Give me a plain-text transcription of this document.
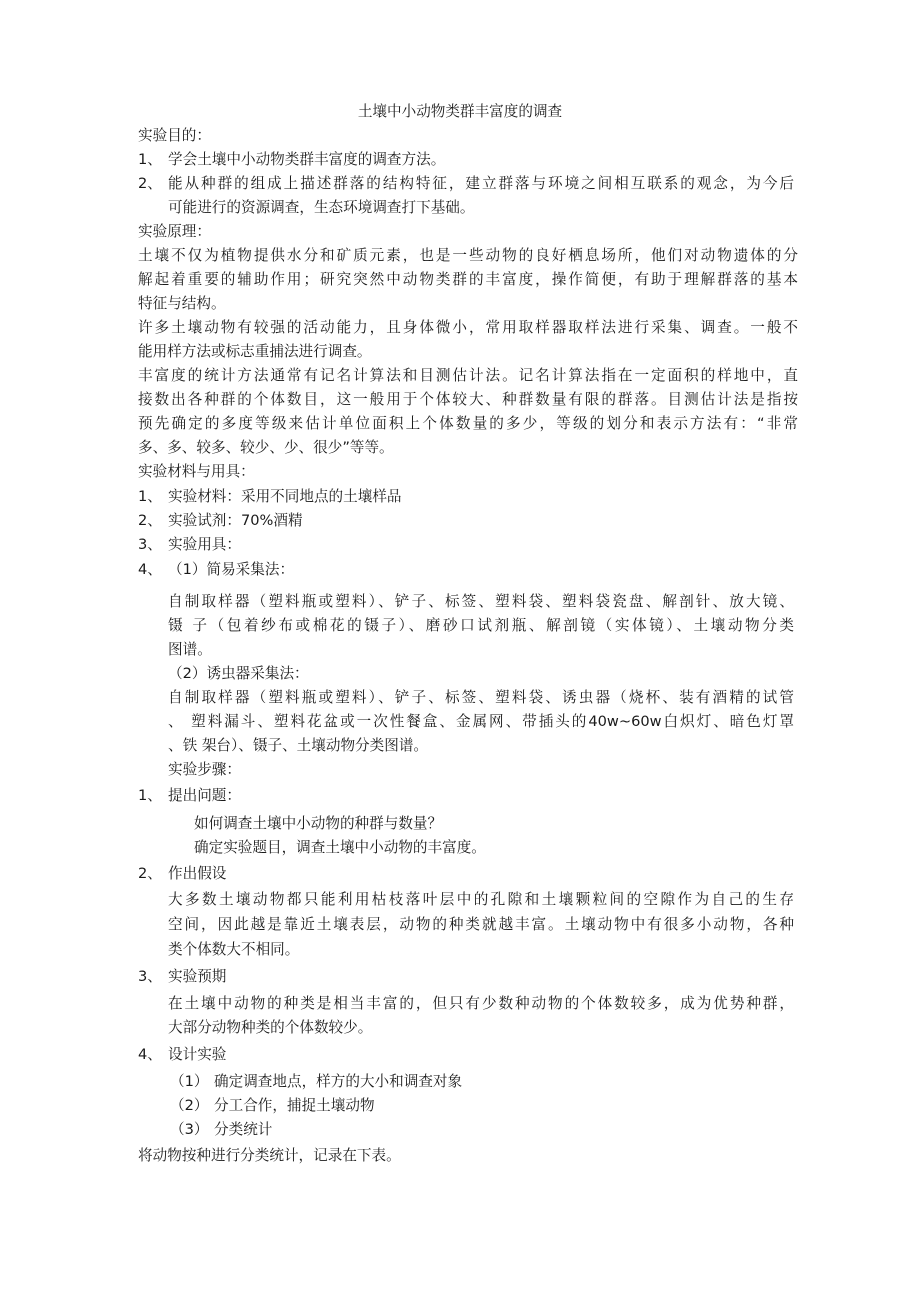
土壤中小动物类群丰富度的调查
实验目的：
1、 学会土壤中小动物类群丰富度的调查方法。
2、 能从种群的组成上描述群落的结构特征，建立群落与环境之间相互联系的观念，为今后
可能进行的资源调查，生态环境调查打下基础。
实验原理：
土壤不仅为植物提供水分和矿质元素，也是一些动物的良好栖息场所，他们对动物遗体的分
解起着重要的辅助作用；研究突然中动物类群的丰富度，操作简便，有助于理解群落的基本
特征与结构。
许多土壤动物有较强的活动能力，且身体微小，常用取样器取样法进行采集、调查。一般不
能用样方法或标志重捕法进行调查。
丰富度的统计方法通常有记名计算法和目测估计法。记名计算法指在一定面积的样地中，直
接数出各种群的个体数目，这一般用于个体较大、种群数量有限的群落。目测估计法是指按
预先确定的多度等级来估计单位面积上个体数量的多少，等级的划分和表示方法有：“非常
多、多、较多、较少、少、很少”等等。
实验材料与用具：
1、 实验材料：采用不同地点的土壤样品
2、 实验试剂：70%酒精
3、 实验用具：
4、 （1）简易采集法：
自制取样器（塑料瓶或塑料）、铲子、标签、塑料袋、塑料袋瓷盘、解剖针、放大镜、
镊 子（包着纱布或棉花的镊子）、磨砂口试剂瓶、解剖镜（实体镜）、土壤动物分类
图谱。
（2）诱虫器采集法：
自制取样器（塑料瓶或塑料）、铲子、标签、塑料袋、诱虫器（烧杯、装有酒精的试管
、 塑料漏斗、塑料花盆或一次性餐盒、金属网、带插头的40w~60w白炽灯、暗色灯罩
、铁 架台）、镊子、土壤动物分类图谱。
实验步骤：
1、 提出问题：
如何调查土壤中小动物的种群与数量？
确定实验题目，调查土壤中小动物的丰富度。
2、 作出假设
大多数土壤动物都只能利用枯枝落叶层中的孔隙和土壤颗粒间的空隙作为自己的生存
空间，因此越是靠近土壤表层，动物的种类就越丰富。土壤动物中有很多小动物，各种
类个体数大不相同。
3、 实验预期
在土壤中动物的种类是相当丰富的，但只有少数种动物的个体数较多，成为优势种群，
大部分动物种类的个体数较少。
4、 设计实验
（1） 确定调查地点，样方的大小和调查对象
（2） 分工合作，捕捉土壤动物
（3） 分类统计
将动物按种进行分类统计，记录在下表。
